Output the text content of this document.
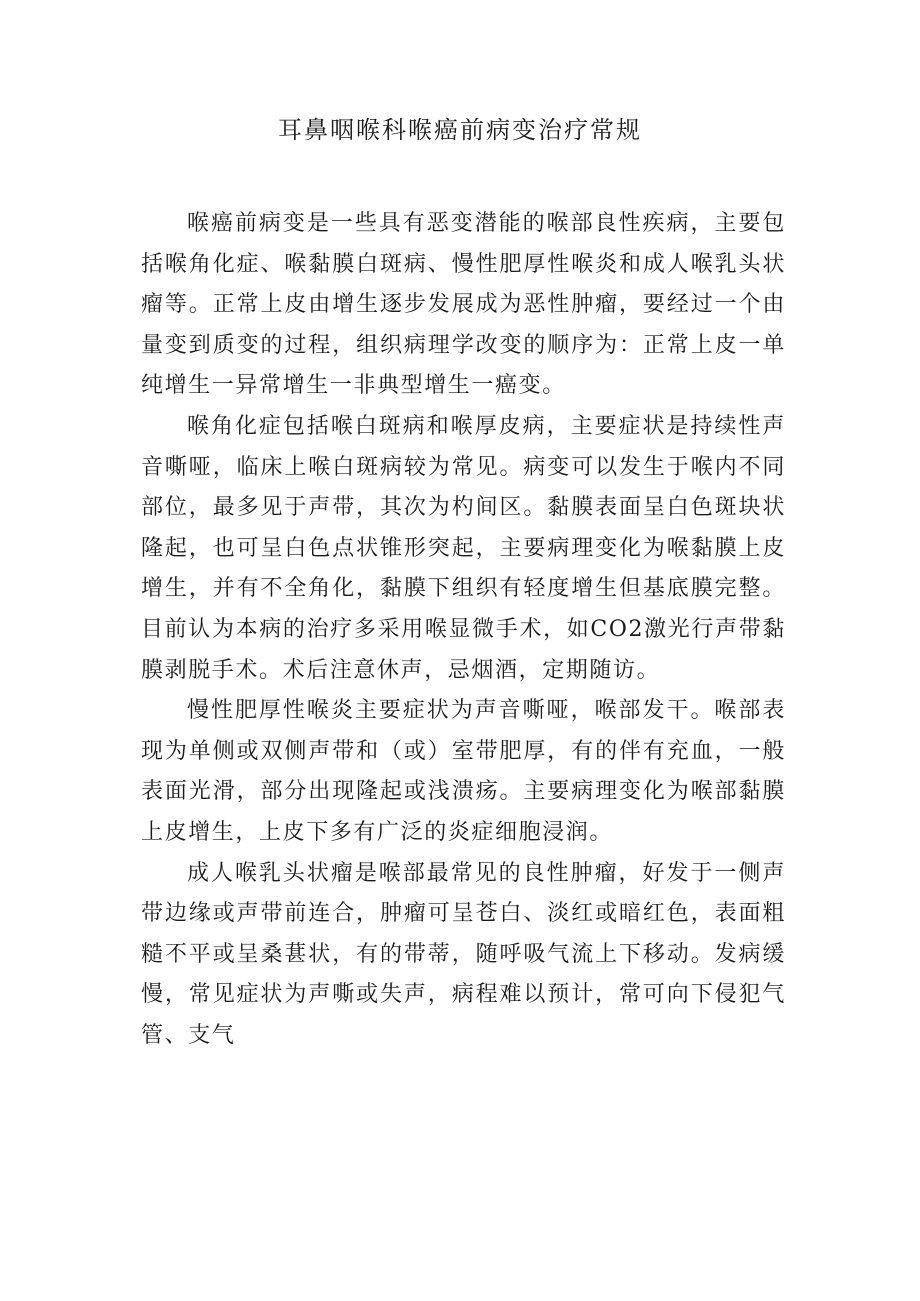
耳鼻咽喉科喉癌前病变治疗常规

喉癌前病变是一些具有恶变潜能的喉部良性疾病，主要包括喉角化症、喉黏膜白斑病、慢性肥厚性喉炎和成人喉乳头状瘤等。正常上皮由增生逐步发展成为恶性肿瘤，要经过一个由量变到质变的过程，组织病理学改变的顺序为：正常上皮一单纯增生一异常增生一非典型增生一癌变。

喉角化症包括喉白斑病和喉厚皮病，主要症状是持续性声音嘶哑，临床上喉白斑病较为常见。病变可以发生于喉内不同部位，最多见于声带，其次为杓间区。黏膜表面呈白色斑块状隆起，也可呈白色点状锥形突起，主要病理变化为喉黏膜上皮增生，并有不全角化，黏膜下组织有轻度增生但基底膜完整。目前认为本病的治疗多采用喉显微手术，如CO2激光行声带黏膜剥脱手术。术后注意休声，忌烟酒，定期随访。

慢性肥厚性喉炎主要症状为声音嘶哑，喉部发干。喉部表现为单侧或双侧声带和（或）室带肥厚，有的伴有充血，一般表面光滑，部分出现隆起或浅溃疡。主要病理变化为喉部黏膜上皮增生，上皮下多有广泛的炎症细胞浸润。

成人喉乳头状瘤是喉部最常见的良性肿瘤，好发于一侧声带边缘或声带前连合，肿瘤可呈苍白、淡红或暗红色，表面粗糙不平或呈桑葚状，有的带蒂，随呼吸气流上下移动。发病缓慢，常见症状为声嘶或失声，病程难以预计，常可向下侵犯气管、支气
